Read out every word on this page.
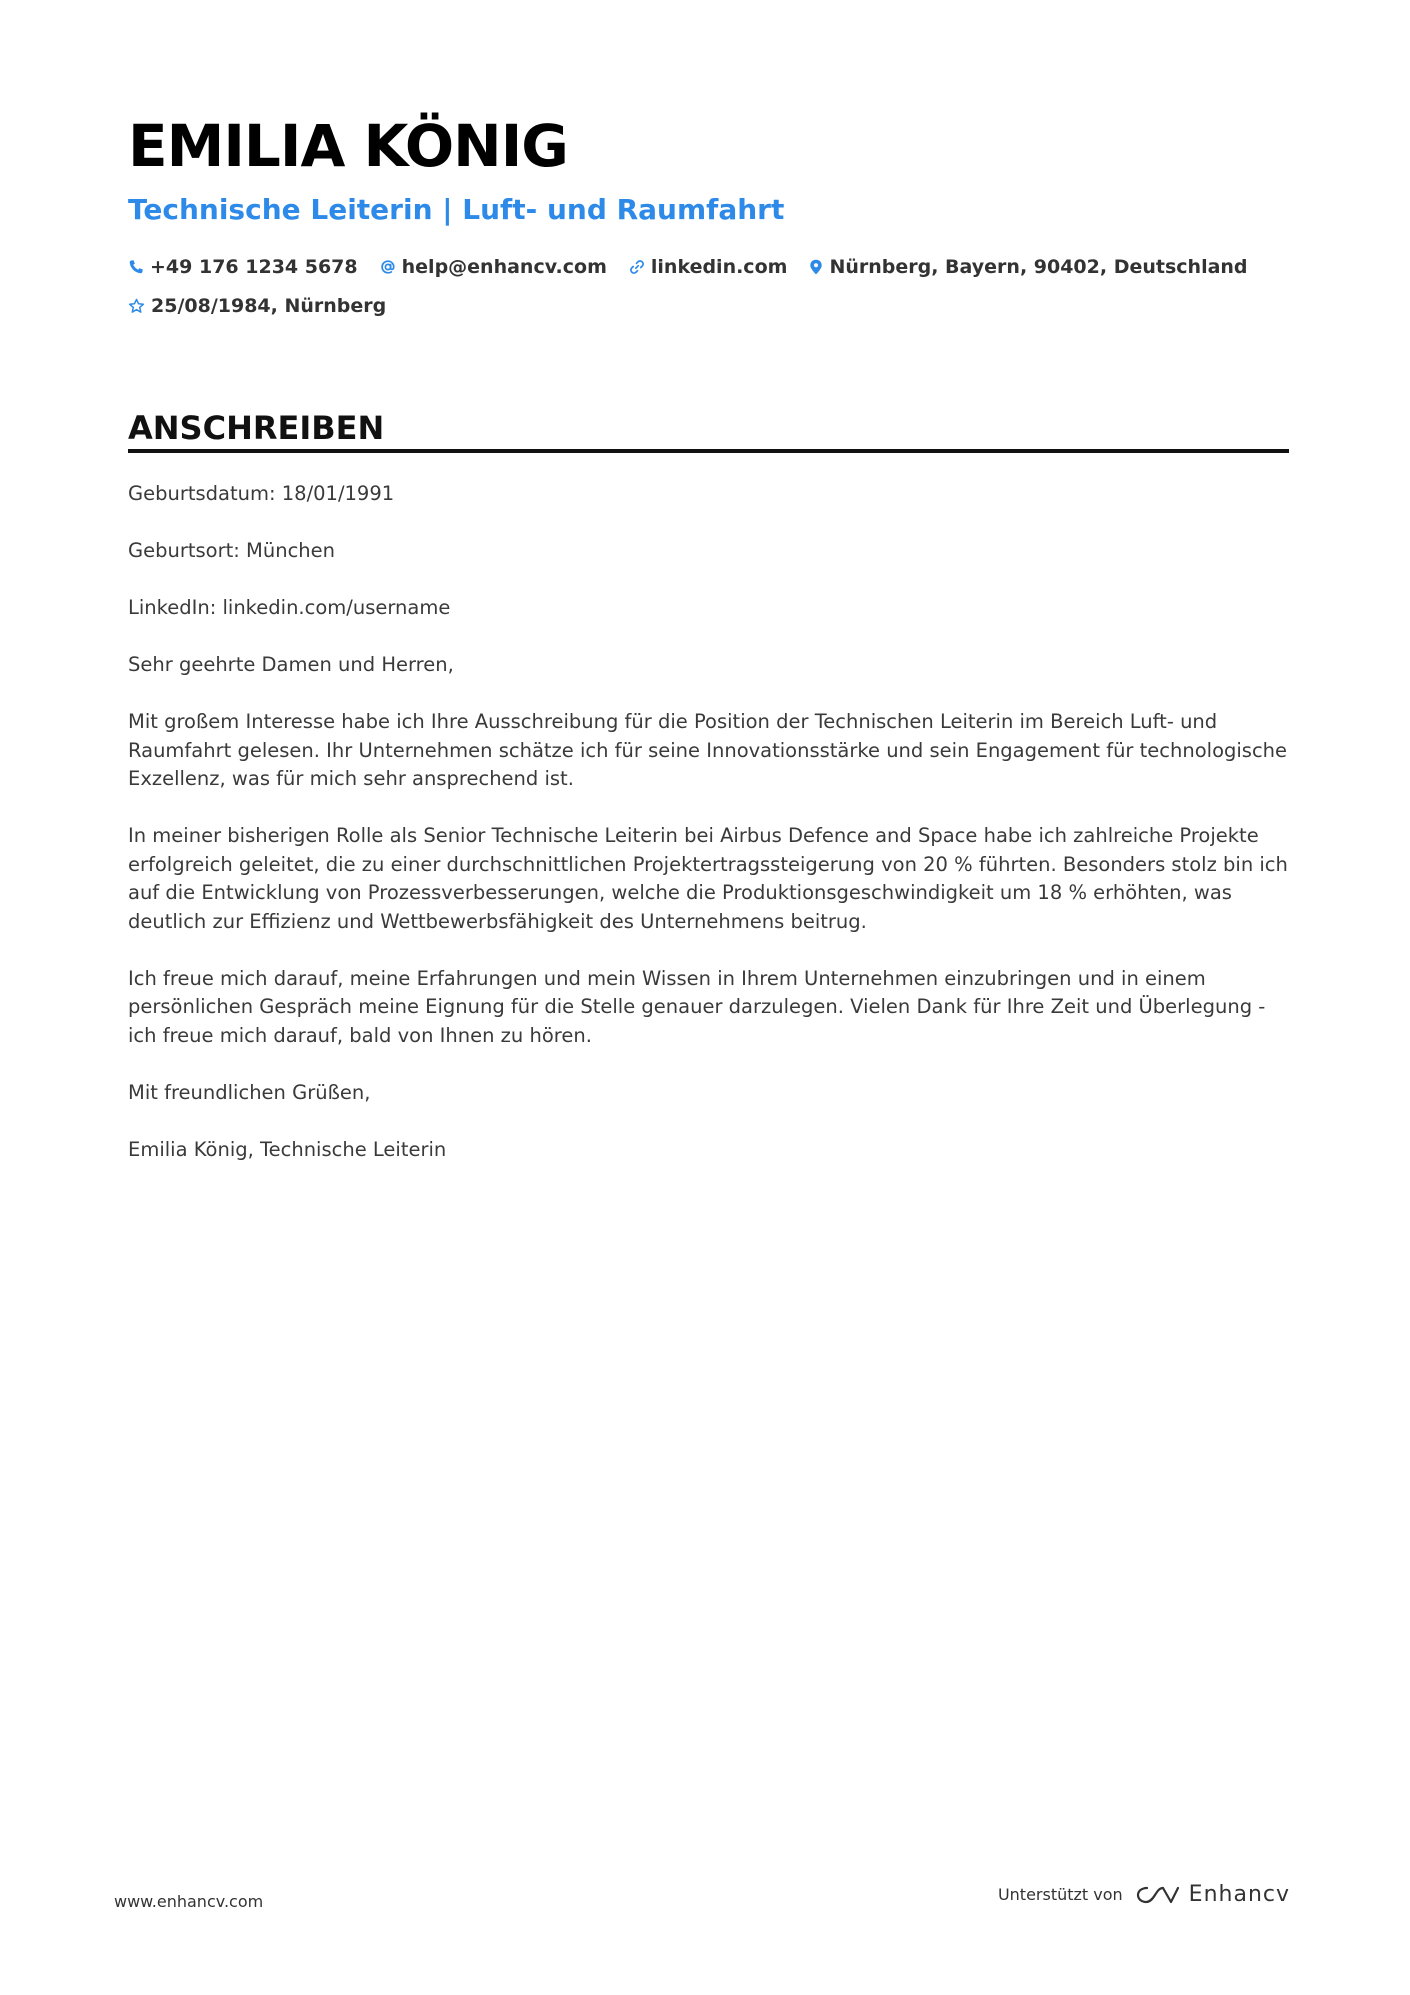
EMILIA KÖNIG
Technische Leiterin | Luft- und Raumfahrt
+49 176 1234 5678 help@enhancv.com linkedin.com Nürnberg, Bayern, 90402, Deutschland
25/08/1984, Nürnberg
ANSCHREIBEN

Geburtsdatum: 18/01/1991

Geburtsort: München

LinkedIn: linkedin.com/username

Sehr geehrte Damen und Herren,

Mit großem Interesse habe ich Ihre Ausschreibung für die Position der Technischen Leiterin im Bereich Luft- und Raumfahrt gelesen. Ihr Unternehmen schätze ich für seine Innovationsstärke und sein Engagement für technologische Exzellenz, was für mich sehr ansprechend ist.

In meiner bisherigen Rolle als Senior Technische Leiterin bei Airbus Defence and Space habe ich zahlreiche Projekte erfolgreich geleitet, die zu einer durchschnittlichen Projektertragssteigerung von 20 % führten. Besonders stolz bin ich auf die Entwicklung von Prozessverbesserungen, welche die Produktionsgeschwindigkeit um 18 % erhöhten, was deutlich zur Effizienz und Wettbewerbsfähigkeit des Unternehmens beitrug.

Ich freue mich darauf, meine Erfahrungen und mein Wissen in Ihrem Unternehmen einzubringen und in einem persönlichen Gespräch meine Eignung für die Stelle genauer darzulegen. Vielen Dank für Ihre Zeit und Überlegung - ich freue mich darauf, bald von Ihnen zu hören.

Mit freundlichen Grüßen,

Emilia König, Technische Leiterin

www.enhancv.com	Unterstützt von	Enhancv
